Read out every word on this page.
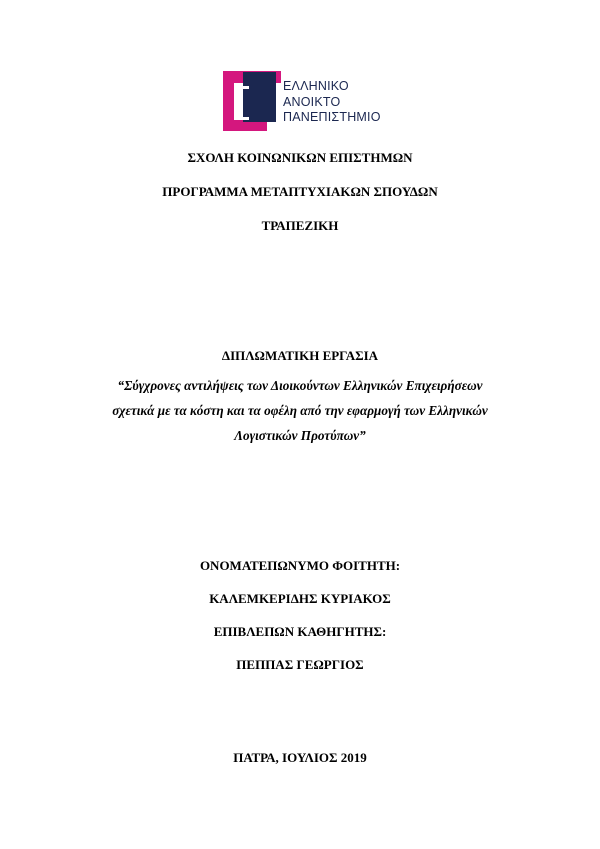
ΕΛΛΗΝΙΚΟ
ΑΝΟΙΚΤΟ
ΠΑΝΕΠΙΣΤΗΜΙΟ
ΣΧΟΛΗ ΚΟΙΝΩΝΙΚΩΝ ΕΠΙΣΤΗΜΩΝ
ΠΡΟΓΡΑΜΜΑ ΜΕΤΑΠΤΥΧΙΑΚΩΝ ΣΠΟΥΔΩΝ
ΤΡΑΠΕΖΙΚΗ
ΔΙΠΛΩΜΑΤΙΚΗ ΕΡΓΑΣΙΑ
“Σύγχρονες αντιλήψεις των Διοικούντων Ελληνικών Επιχειρήσεων
σχετικά με τα κόστη και τα οφέλη από την εφαρμογή των Ελληνικών
Λογιστικών Προτύπων”
ΟΝΟΜΑΤΕΠΩΝΥΜΟ ΦΟΙΤΗΤΗ:
ΚΑΛΕΜΚΕΡΙΔΗΣ ΚΥΡΙΑΚΟΣ
ΕΠΙΒΛΕΠΩΝ ΚΑΘΗΓΗΤΗΣ:
ΠΕΠΠΑΣ ΓΕΩΡΓΙΟΣ
ΠΑΤΡΑ, ΙΟΥΛΙΟΣ 2019
